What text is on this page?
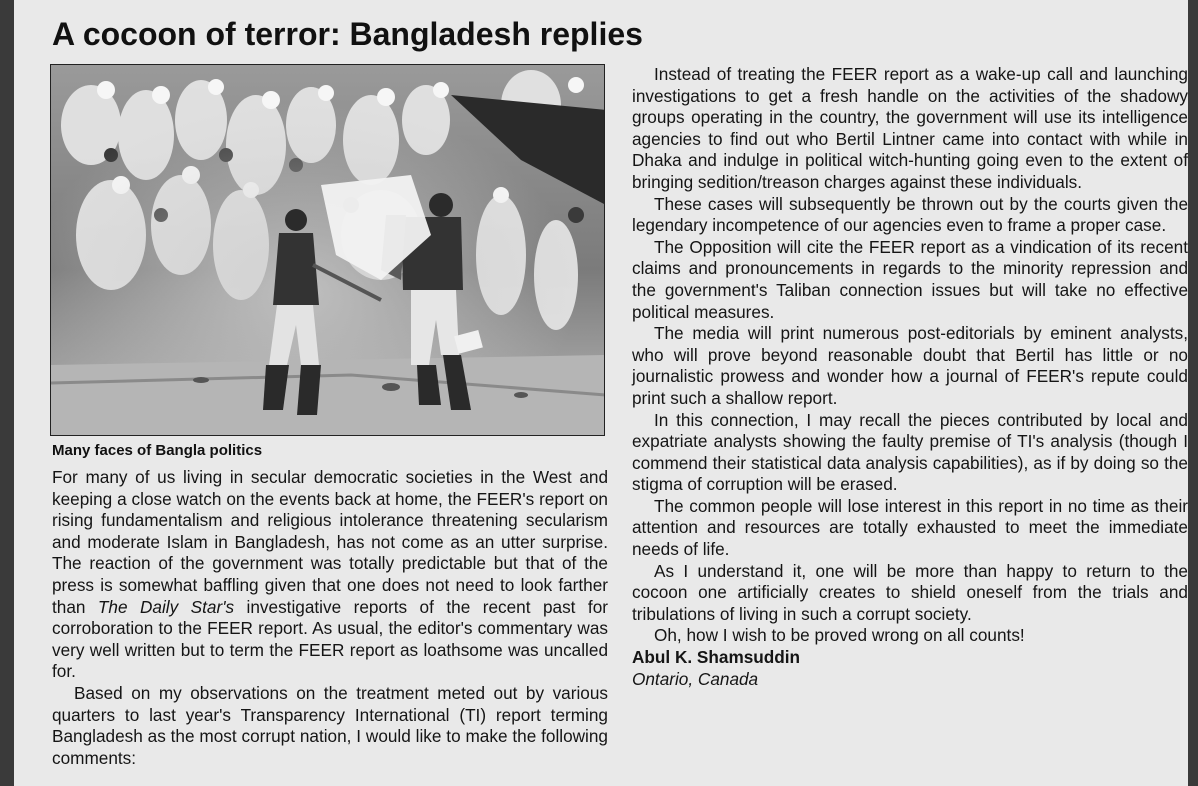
A cocoon of terror: Bangladesh replies
Many faces of Bangla politics

For many of us living in secular democratic societies in the West and keeping a close watch on the events back at home, the FEER's report on rising fundamentalism and religious intolerance threatening secularism and moderate Islam in Bangladesh, has not come as an utter surprise. The reaction of the government was totally predictable but that of the press is somewhat baffling given that one does not need to look farther than The Daily Star's investigative reports of the recent past for corroboration to the FEER report. As usual, the editor's commentary was very well written but to term the FEER report as loathsome was uncalled for.

Based on my observations on the treatment meted out by various quarters to last year's Transparency International (TI) report terming Bangladesh as the most corrupt nation, I would like to make the following comments:

Instead of treating the FEER report as a wake-up call and launching investigations to get a fresh handle on the activities of the shadowy groups operating in the country, the government will use its intelligence agencies to find out who Bertil Lintner came into contact with while in Dhaka and indulge in political witch-hunting going even to the extent of bringing sedition/treason charges against these individuals.

These cases will subsequently be thrown out by the courts given the legendary incompetence of our agencies even to frame a proper case.

The Opposition will cite the FEER report as a vindication of its recent claims and pronouncements in regards to the minority repression and the government's Taliban connection issues but will take no effective political measures.

The media will print numerous post-editorials by eminent analysts, who will prove beyond reasonable doubt that Bertil has little or no journalistic prowess and wonder how a journal of FEER's repute could print such a shallow report.

In this connection, I may recall the pieces contributed by local and expatriate analysts showing the faulty premise of TI's analysis (though I commend their statistical data analysis capabilities), as if by doing so the stigma of corruption will be erased.

The common people will lose interest in this report in no time as their attention and resources are totally exhausted to meet the immediate needs of life.

As I understand it, one will be more than happy to return to the cocoon one artificially creates to shield oneself from the trials and tribulations of living in such a corrupt society.

Oh, how I wish to be proved wrong on all counts!

Abul K. Shamsuddin

Ontario, Canada
